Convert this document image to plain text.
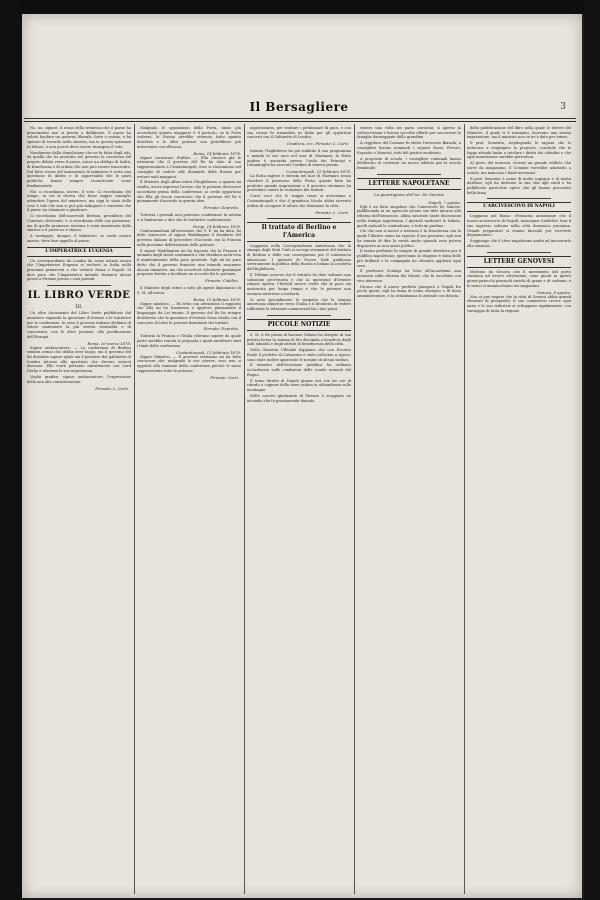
Il Bersagliere	3

No, no, signori; il senso della sentenza che il paese ha pronunziato non si presta a dubbiezze. Il paese ha voluto fondare un governo liberale, forte e onesto, e ha sperato di trovarlo nella sinistra; ma in questa speranza fu deluso, e non perciò deve essere rinnegato il voto.

Nondimeno dalla demolizione che ne fu fatta degli atti, da quella che ha prodotto nel governo la coscienza del proprio debito verso il paese, nasce un obbligo di lealtà, di franchezza e di ordine che non può essere trascurato. Dal fatto stesso del mutamento di ministero è sorta una questione di diritto e di opportunità che le parti politiche hanno sempre riconosciuto come fondamentale.

Noi ci ricordiamo, invero, il voto. Ci ricordiamo del tempo, in cui si diceva che fosse saggio consiglio attendere l'opera del ministero; ma oggi lo stato delle cose è tale che non si può più indugiare e conviene che il paese sia chiamato a giudicare.

Ci ricordiamo dell'onorevole Bertani, presidente del Comitato elettorale, e ci ricordiamo delle sue promesse; ma di quelle promesse nessuna è stata mantenuta dalla sinistra e il paese ne è stanco.

A vantaggio, dunque, il Ministero, se vuole essere onesto, deve fare appello al paese.

L'IMPERATRICE EUGENIA

Un corrispondente da Londra dà come notizia sicura che l'Imperatrice Eugenia si recherà in Italia nella prossima primavera e che visiterà Roma e Napoli. Si dice pure che l'Imperatrice intenda fermarsi alcuni giorni a Firenze presso i suoi parenti.

IL LIBRO VERDE
III.

Un altro documento del Libro Verde pubblicato dal ministero riguarda la questione d'Oriente e le trattative per la conferenza. In esso il governo italiano dichiara di volere mantenere la più stretta neutralità e di concorrere, con le altre potenze, alla pacificazione dell'Europa.

Roma, 20 marzo 1878.

Signor ambasciatore, — La conferenza di Berlino sembra ormai che debba aver luogo; ma il governo del Re desidera sapere quale sia il pensiero del gabinetto di Londra intorno alle questioni che devono esservi discusse. Ella vorrà pertanto intrattenersi con Lord Derby e riferirmi le sue impressioni.

Voglia gradire, signor ambasciatore, l'espressione della mia alta considerazione.

Firmato: L. Corti.

Malgrado le opposizioni della Porta, tanto più accentuate quanto maggiore è il pericolo; se la Porta cedesse, la Russia avrebbe ottenuto tutto quanto desidera e le altre potenze non potrebbero più intervenire con efficacia.

Roma, 14 febbraio 1878.

Signor incaricato d'affari, — Ella conosce già le istruzioni che il governo del Re ha date al suo rappresentante a Costantinopoli; esse si riassumono nel consiglio di cedere alle domande della Russia per evitare mali maggiori.

Il Ministro degli affari esteri d'Inghilterra, a quanto mi risulta, aveva espresso l'avviso che le potenze dovessero accordarsi prima della conferenza; io credo opportuno che Ella gli faccia conoscere che il governo del Re è pienamente d'accordo in questa idea.

Firmato: Depretis.

Tuttavia i giornali non poterono confermare la notizia e si limitarono a dire che le trattative continuavano.

Parigi, 14 febbraio 1878.

Conformandomi all'istruzione che V. E. mi ha data, ho fatto conoscere al signor Waddington il desiderio del governo italiano di procedere d'accordo con la Francia nelle prossime deliberazioni delle potenze.

Il signor Waddington mi ha risposto che la Francia è animata dagli stessi sentimenti e che desidera anch'essa il mantenimento della pace generale. Egli mi ha pure detto che il governo francese non intende assumere alcuna iniziativa, ma che accetterà volentieri qualunque proposta diretta a facilitare un accordo fra le potenze.

Firmato: Cialdini.

Il Ministro degli esteri a tutti gli agenti diplomatici di S. M. all'estero.

Roma, 15 febbraio 1878.

Signor ministro, — Ho letto con attenzione il rapporto che Ella mi ha trasmesso e approvo pienamente il linguaggio da Lei tenuto. Il governo del Re ha sempre desiderato che la questione d'Oriente fosse risolta con il concorso di tutte le potenze firmatarie dei trattati.

Firmato: Depretis.

Tuttavia la Francia e l'Italia volevano sapere da quale parte sarebbe venuta la proposta e quali sarebbero stati i limiti della conferenza.

Costantinopoli, 13 febbraio 1878.

Signor Ministro, — Il governo ottomano mi ha fatto conoscere che, malgrado le sue riserve, esso non si opporrà alla riunione della conferenza purché vi siano rappresentate tutte le potenze.

Firmato: Corti.

nipotenziario, per trattare i preliminari di pace, e con sua ricusa fu rimandato in Italia per gli opportuni concerti con il Gabinetto di Londra.

Gradisca, ecc. Firmato: L. Corti.

Intanto l'Inghilterra ha già stabilito il suo programma e manda le sue navi nel mar di Marmara; la flotta inglese è ancorata presso l'isola dei Principi e l'ammiraglio ha ricevuto l'ordine di tenersi pronto.

Costantinopoli, 15 febbraio 1878.

La flotta inglese è entrata nel mar di Marmara senza chiedere il permesso della Porta; questo fatto ha prodotto grande impressione e il governo ottomano ha protestato contro la violazione dei trattati.

Corre voce che le truppe russe si avvicinano a Costantinopoli e che il granduca Nicola abbia ricevuto ordine di occupare le alture che dominano la città.

Firmato: L. Corti.
Il trattato di Berlino e l'America

Leggiamo nella Corrispondenza Americana che la stampa degli Stati Uniti si occupa vivamente del trattato di Berlino e delle sue conseguenze per il commercio americano. I giornali di Nuova York giudicano severamente la politica della Russia e lodano la condotta dell'Inghilterra.

Il Tribune osserva che il trattato ha dato soltanto una soluzione provvisoria e che la questione d'Oriente rimane aperta; l'Herald invece crede che la pace sia assicurata per lungo tempo e che le potenze non avranno interesse a turbarla.

Si nota specialmente la simpatia che la stampa americana dimostra verso l'Italia e il desiderio di vedere rafforzate le relazioni commerciali fra i due paesi.

PICCOLE NOTIZIE

S. M. il Re prima di lasciare Milano ha elargito di sua privata borsa la somma di lire diecimila a beneficio degli asili infantili e degli istituti di beneficenza della città.

Nella Gazzetta Ufficiale leggiamo che con Decreto Reale il prefetto di Catanzaro è stato collocato a riposo; sono state inoltre approvate le nomine di alcuni sindaci.

Il ministro dell'istruzione pubblica ha ordinato un'inchiesta sulle condizioni delle scuole normali del Regno.

Il treno diretto di Napoli giunse ieri con tre ore di ritardo a cagione della neve caduta in abbondanza sulle montagne.

Nelle carceri giudiziarie di Firenze è scoppiato un incendio che fu prontamente domato.

rissero una volta nei paesi convicini; si aperse la sottoscrizione e furono raccolte offerte per soccorrere le famiglie danneggiate dalla grandine.

A reggitore del Comune fu eletto l'avvocato Bianchi; a consiglieri furono nominati i signori Rossi, Ferrari, Esposito e Mancini, tutti del partito moderato.

A proposito di scuole, i consiglieri comunali hanno deliberato di costruire un nuovo edificio per la scuola femminile.

LETTERE NAPOLETANE
La guarnigione dell'on. De Sanctis
Napoli, 7 agosto.

Egli è un fatto singolare che l'onorevole De Sanctis, pubblicando in un opuscolo alcune sue idee intorno alla riforma dell'istruzione, abbia suscitato tante discussioni nella stampa napoletana. I giornali moderati lo lodano, quelli radicali lo combattono, e tutti ne parlano.

Ciò che non si nuoce a nessuno è la franchezza con la quale l'illustre uomo ha esposto il suo pensiero; egli non ha temuto di dire la verità anche quando essa poteva dispiacere ai suoi amici politici.

Il teatro profondo fu sempre di grande attrattiva per il pubblico napoletano; quest'anno la stagione è stata delle più brillanti e la compagnia ha ottenuto applausi ogni sera.

Il professor Scialoja ha letto all'Accademia una memoria sulla riforma dei tributi, che fu ascoltata con vivo interesse.

Dicono che il nuovo prefetto giungerà a Napoli fra pochi giorni; egli ha fama di uomo energico e di buon amministratore, e la cittadinanza lo attende con fiducia.

della pubblicazione del libro nella quale le lettere del Ministro, il quale vi è nominato, facevano una strana impressione; ma il ministro non se ne è dato per inteso.

Il prof. Sementa, riepilogando le ragioni che lo inducono a respingere la proposta, conclude che la legge attuale basta a tutelare i diritti dei cittadini e che ogni innovazione sarebbe pericolosa.

Al posto del mercato, trovasi un grande edificio che serve da magazzino; il Comune vorrebbe adattarlo a scuola, ma mancano i fondi necessari.

Il prof. Sementa è uomo di molto ingegno e di molta dottrina; egli ha dedicato la sua vita agli studi e ha pubblicato parecchie opere che gli hanno procurato bella fama.

L'ARCIVESCOVO DI NAPOLI

Leggiamo nel Roma: «Possiamo annunziare che il nuovo arcivescovo di Napoli, monsignor Sanfelice, farà il suo ingresso solenne nella città domenica prossima. Grandi preparativi si stanno facendo per riceverlo degnamente».

Soggiunge che il clero napoletano andrà ad incontrarlo alla stazione.

LETTERE GENOVESI

Mettono da Genova che il movimento del porto continua ad essere attivissimo; sono giunti in questi giorni parecchi piroscafi carichi di grano e di carbone, e le merci si ammucchiano nei magazzini.

Genova, 6 agosto.

Non si può negare che la città di Genova abbia grandi elementi di prosperità; il suo commercio cresce ogni anno e le sue industrie si sviluppano rapidamente, con vantaggio di tutta la regione.
